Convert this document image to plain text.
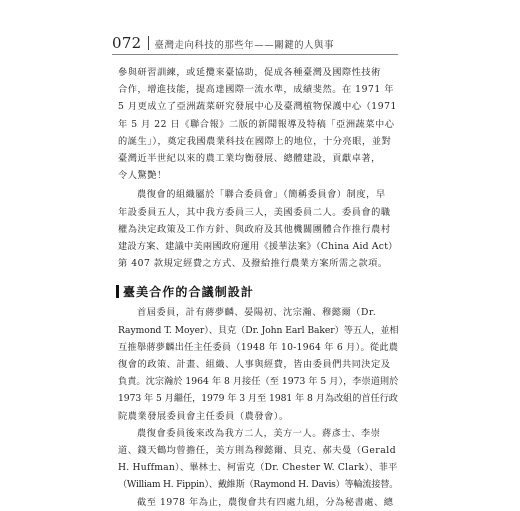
072 臺灣走向科技的那些年——關鍵的人與事

參與研習訓練，或延攬來臺協助，促成各種臺灣及國際性技術
合作，增進技能，提高達國際一流水準，成績斐然。在 1971 年
5 月更成立了亞洲蔬菜研究發展中心及臺灣植物保護中心（1971
年 5 月 22 日《聯合報》二版的新聞報導及特稿「亞洲蔬菜中心
的誕生」），奠定我國農業科技在國際上的地位，十分亮眼，並對
臺灣近半世紀以來的農工業均衡發展、總體建設，貢獻卓著，
令人驚艷！

農復會的組織屬於「聯合委員會」（簡稱委員會）制度，早
年設委員五人，其中我方委員三人，美國委員二人。委員會的職
權為決定政策及工作方針、與政府及其他機關團體合作推行農村
建設方案、建議中美兩國政府運用《援華法案》（China Aid Act）
第 407 款規定經費之方式、及撥給推行農業方案所需之款項。

臺美合作的合議制設計

首屆委員，計有蔣夢麟、晏陽初、沈宗瀚、穆懿爾（Dr.
Raymond T. Moyer）、貝克（Dr. John Earl Baker）等五人，並相
互推舉蔣夢麟出任主任委員（1948 年 10-1964 年 6 月）。從此農
復會的政策、計畫、組織、人事與經費，皆由委員們共同決定及
負責。沈宗瀚於 1964 年 8 月接任（至 1973 年 5 月），李崇道則於
1973 年 5 月繼任，1979 年 3 月至 1981 年 8 月為改組的首任行政
院農業發展委員會主任委員（農發會）。

農復會委員後來改為我方二人，美方一人。蔣彥士、李崇
道、錢天鶴均曾擔任，美方則為穆懿爾、貝克、郝夫曼（Gerald
H. Huffman）、畢林士、柯雷克（Dr. Chester W. Clark）、菲平
（William H. Fippin）、戴維斯（Raymond H. Davis）等輪流接替。

截至 1978 年為止，農復會共有四處九組，分為秘書處、總
